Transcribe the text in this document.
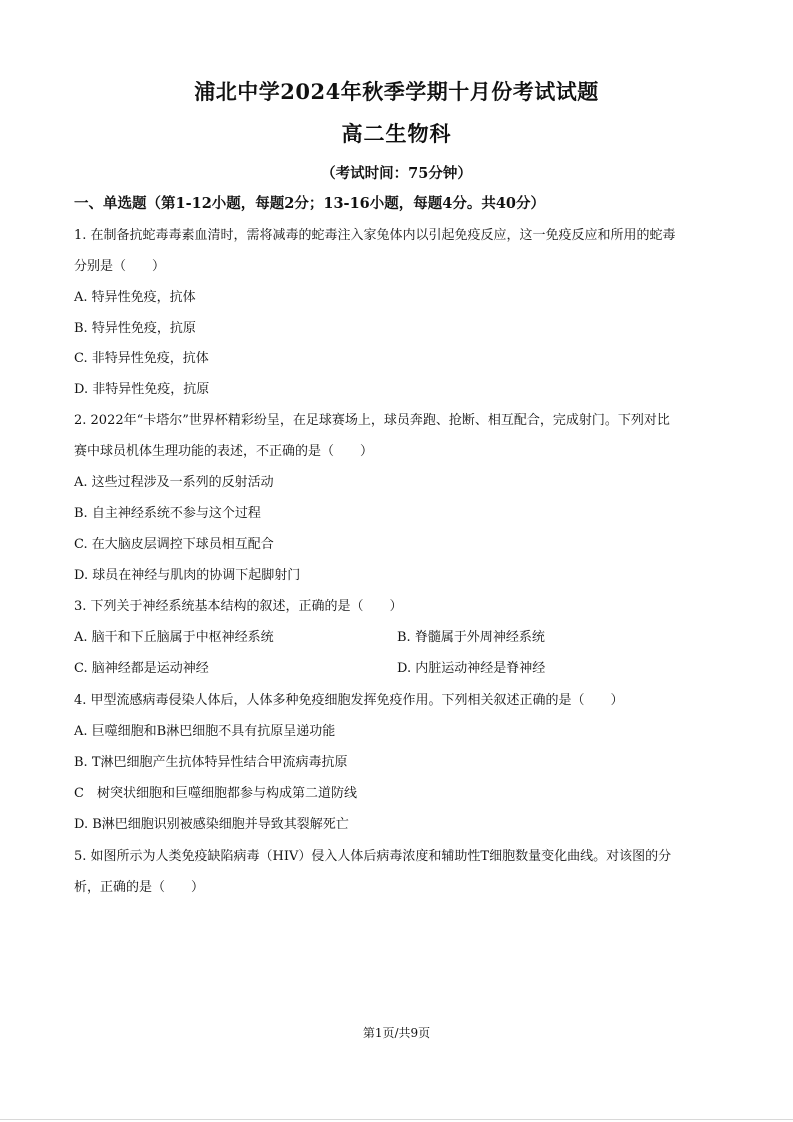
浦北中学2024年秋季学期十月份考试试题
高二生物科
（考试时间：75分钟）
一、单选题（第1-12小题，每题2分；13-16小题，每题4分。共40分）
1. 在制备抗蛇毒毒素血清时，需将减毒的蛇毒注入家兔体内以引起免疫反应，这一免疫反应和所用的蛇毒
分别是（　　）
A. 特异性免疫，抗体
B. 特异性免疫，抗原
C. 非特异性免疫，抗体
D. 非特异性免疫，抗原
2. 2022年“卡塔尔”世界杯精彩纷呈，在足球赛场上，球员奔跑、抢断、相互配合，完成射门。下列对比
赛中球员机体生理功能的表述，不正确的是（　　）
A. 这些过程涉及一系列的反射活动
B. 自主神经系统不参与这个过程
C. 在大脑皮层调控下球员相互配合
D. 球员在神经与肌肉的协调下起脚射门
3. 下列关于神经系统基本结构的叙述，正确的是（　　）
A. 脑干和下丘脑属于中枢神经系统	B. 脊髓属于外周神经系统
C. 脑神经都是运动神经	D. 内脏运动神经是脊神经
4. 甲型流感病毒侵染人体后，人体多种免疫细胞发挥免疫作用。下列相关叙述正确的是（　　）
A. 巨噬细胞和B淋巴细胞不具有抗原呈递功能
B. T淋巴细胞产生抗体特异性结合甲流病毒抗原
C　树突状细胞和巨噬细胞都参与构成第二道防线
D. B淋巴细胞识别被感染细胞并导致其裂解死亡
5. 如图所示为人类免疫缺陷病毒（HIV）侵入人体后病毒浓度和辅助性T细胞数量变化曲线。对该图的分
析，正确的是（　　）
第1页/共9页
